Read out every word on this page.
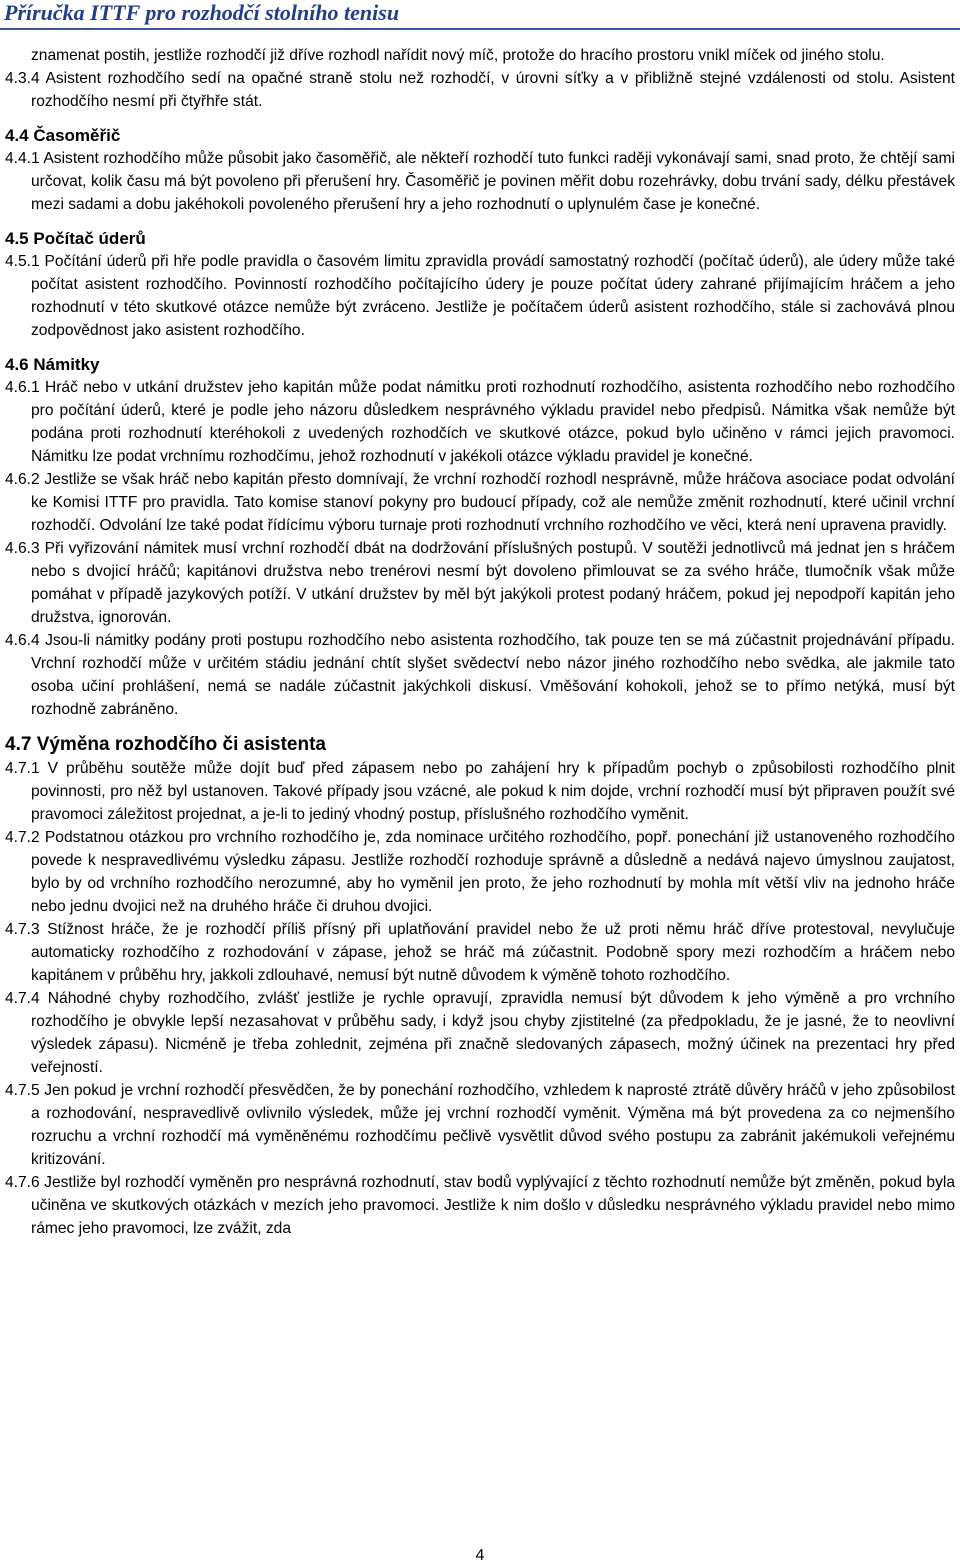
Příručka ITTF pro rozhodčí stolního tenisu

znamenat postih, jestliže rozhodčí již dříve rozhodl nařídit nový míč, protože do hracího prostoru vnikl míček od jiného stolu.

4.3.4 Asistent rozhodčího sedí na opačné straně stolu než rozhodčí, v úrovni síťky a v přibližně stejné vzdálenosti od stolu. Asistent rozhodčího nesmí při čtyřhře stát.

4.4 Časoměřič

4.4.1 Asistent rozhodčího může působit jako časoměřič, ale někteří rozhodčí tuto funkci raději vykonávají sami, snad proto, že chtějí sami určovat, kolik času má být povoleno při přerušení hry. Časoměřič je povinen měřit dobu rozehrávky, dobu trvání sady, délku přestávek mezi sadami a dobu jakéhokoli povoleného přerušení hry a jeho rozhodnutí o uplynulém čase je konečné.

4.5 Počítač úderů

4.5.1 Počítání úderů při hře podle pravidla o časovém limitu zpravidla provádí samostatný rozhodčí (počítač úderů), ale údery může také počítat asistent rozhodčího. Povinností rozhodčího počítajícího údery je pouze počítat údery zahrané přijímajícím hráčem a jeho rozhodnutí v této skutkové otázce nemůže být zvráceno. Jestliže je počítačem úderů asistent rozhodčího, stále si zachovává plnou zodpovědnost jako asistent rozhodčího.

4.6 Námitky

4.6.1 Hráč nebo v utkání družstev jeho kapitán může podat námitku proti rozhodnutí rozhodčího, asistenta rozhodčího nebo rozhodčího pro počítání úderů, které je podle jeho názoru důsledkem nesprávného výkladu pravidel nebo předpisů. Námitka však nemůže být podána proti rozhodnutí kteréhokoli z uvedených rozhodčích ve skutkové otázce, pokud bylo učiněno v rámci jejich pravomoci. Námitku lze podat vrchnímu rozhodčímu, jehož rozhodnutí v jakékoli otázce výkladu pravidel je konečné.

4.6.2 Jestliže se však hráč nebo kapitán přesto domnívají, že vrchní rozhodčí rozhodl nesprávně, může hráčova asociace podat odvolání ke Komisi ITTF pro pravidla. Tato komise stanoví pokyny pro budoucí případy, což ale nemůže změnit rozhodnutí, které učinil vrchní rozhodčí. Odvolání lze také podat řídícímu výboru turnaje proti rozhodnutí vrchního rozhodčího ve věci, která není upravena pravidly.

4.6.3 Při vyřizování námitek musí vrchní rozhodčí dbát na dodržování příslušných postupů. V soutěži jednotlivců má jednat jen s hráčem nebo s dvojicí hráčů; kapitánovi družstva nebo trenérovi nesmí být dovoleno přimlouvat se za svého hráče, tlumočník však může pomáhat v případě jazykových potíží. V utkání družstev by měl být jakýkoli protest podaný hráčem, pokud jej nepodpoří kapitán jeho družstva, ignorován.

4.6.4 Jsou-li námitky podány proti postupu rozhodčího nebo asistenta rozhodčího, tak pouze ten se má zúčastnit projednávání případu. Vrchní rozhodčí může v určitém stádiu jednání chtít slyšet svědectví nebo názor jiného rozhodčího nebo svědka, ale jakmile tato osoba učiní prohlášení, nemá se nadále zúčastnit jakýchkoli diskusí. Vměšování kohokoli, jehož se to přímo netýká, musí být rozhodně zabráněno.

4.7 Výměna rozhodčího či asistenta

4.7.1 V průběhu soutěže může dojít buď před zápasem nebo po zahájení hry k případům pochyb o způsobilosti rozhodčího plnit povinnosti, pro něž byl ustanoven. Takové případy jsou vzácné, ale pokud k nim dojde, vrchní rozhodčí musí být připraven použít své pravomoci záležitost projednat, a je-li to jediný vhodný postup, příslušného rozhodčího vyměnit.

4.7.2 Podstatnou otázkou pro vrchního rozhodčího je, zda nominace určitého rozhodčího, popř. ponechání již ustanoveného rozhodčího povede k nespravedlivému výsledku zápasu. Jestliže rozhodčí rozhoduje správně a důsledně a nedává najevo úmyslnou zaujatost, bylo by od vrchního rozhodčího nerozumné, aby ho vyměnil jen proto, že jeho rozhodnutí by mohla mít větší vliv na jednoho hráče nebo jednu dvojici než na druhého hráče či druhou dvojici.

4.7.3 Stížnost hráče, že je rozhodčí příliš přísný při uplatňování pravidel nebo že už proti němu hráč dříve protestoval, nevylučuje automaticky rozhodčího z rozhodování v zápase, jehož se hráč má zúčastnit. Podobně spory mezi rozhodčím a hráčem nebo kapitánem v průběhu hry, jakkoli zdlouhavé, nemusí být nutně důvodem k výměně tohoto rozhodčího.

4.7.4 Náhodné chyby rozhodčího, zvlášť jestliže je rychle opravují, zpravidla nemusí být důvodem k jeho výměně a pro vrchního rozhodčího je obvykle lepší nezasahovat v průběhu sady, i když jsou chyby zjistitelné (za předpokladu, že je jasné, že to neovlivní výsledek zápasu). Nicméně je třeba zohlednit, zejména při značně sledovaných zápasech, možný účinek na prezentaci hry před veřejností.

4.7.5 Jen pokud je vrchní rozhodčí přesvědčen, že by ponechání rozhodčího, vzhledem k naprosté ztrátě důvěry hráčů v jeho způsobilost a rozhodování, nespravedlivě ovlivnilo výsledek, může jej vrchní rozhodčí vyměnit. Výměna má být provedena za co nejmenšího rozruchu a vrchní rozhodčí má vyměněnému rozhodčímu pečlivě vysvětlit důvod svého postupu za zabránit jakémukoli veřejnému kritizování.

4.7.6 Jestliže byl rozhodčí vyměněn pro nesprávná rozhodnutí, stav bodů vyplývající z těchto rozhodnutí nemůže být změněn, pokud byla učiněna ve skutkových otázkách v mezích jeho pravomoci. Jestliže k nim došlo v důsledku nesprávného výkladu pravidel nebo mimo rámec jeho pravomoci, lze zvážit, zda

4
